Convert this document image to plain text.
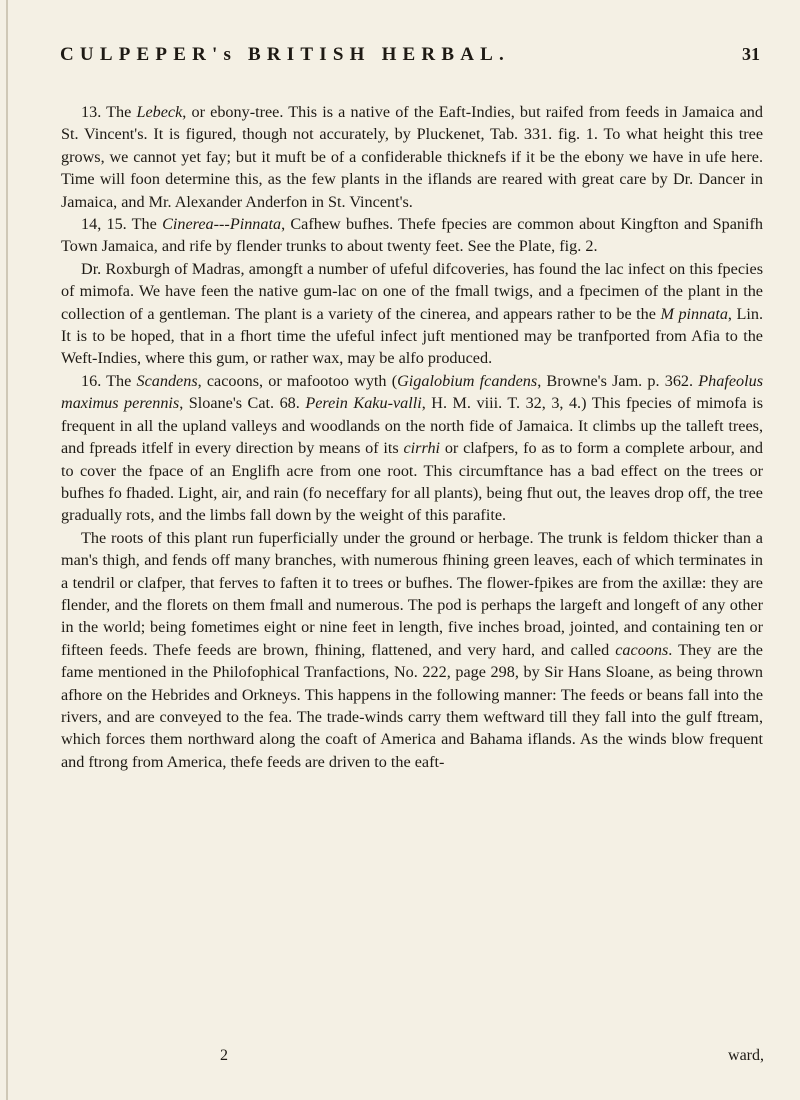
CULPEPER's BRITISH HERBAL.	31

13. The Lebeck, or ebony-tree. This is a native of the Eaft-Indies, but raifed from feeds in Jamaica and St. Vincent's. It is figured, though not accurately, by Pluckenet, Tab. 331. fig. 1. To what height this tree grows, we cannot yet fay; but it muft be of a confiderable thicknefs if it be the ebony we have in ufe here. Time will foon determine this, as the few plants in the iflands are reared with great care by Dr. Dancer in Jamaica, and Mr. Alexander Anderfon in St. Vincent's.

14, 15. The Cinerea---Pinnata, Cafhew bufhes. Thefe fpecies are common about Kingfton and Spanifh Town Jamaica, and rife by flender trunks to about twenty feet. See the Plate, fig. 2.

Dr. Roxburgh of Madras, amongft a number of ufeful difcoveries, has found the lac infect on this fpecies of mimofa. We have feen the native gum-lac on one of the fmall twigs, and a fpecimen of the plant in the collection of a gentleman. The plant is a variety of the cinerea, and appears rather to be the M pinnata, Lin. It is to be hoped, that in a fhort time the ufeful infect juft mentioned may be tranfported from Afia to the Weft-Indies, where this gum, or rather wax, may be alfo produced.

16. The Scandens, cacoons, or mafootoo wyth (Gigalobium fcandens, Browne's Jam. p. 362. Phafeolus maximus perennis, Sloane's Cat. 68. Perein Kaku-valli, H. M. viii. T. 32, 3, 4.) This fpecies of mimofa is frequent in all the upland valleys and woodlands on the north fide of Jamaica. It climbs up the talleft trees, and fpreads itfelf in every direction by means of its cirrhi or clafpers, fo as to form a complete arbour, and to cover the fpace of an Englifh acre from one root. This circumftance has a bad effect on the trees or bufhes fo fhaded. Light, air, and rain (fo neceffary for all plants), being fhut out, the leaves drop off, the tree gradually rots, and the limbs fall down by the weight of this parafite.

The roots of this plant run fuperficially under the ground or herbage. The trunk is feldom thicker than a man's thigh, and fends off many branches, with numerous fhining green leaves, each of which terminates in a tendril or clafper, that ferves to faften it to trees or bufhes. The flower-fpikes are from the axillæ: they are flender, and the florets on them fmall and numerous. The pod is perhaps the largeft and longeft of any other in the world; being fometimes eight or nine feet in length, five inches broad, jointed, and containing ten or fifteen feeds. Thefe feeds are brown, fhining, flattened, and very hard, and called cacoons. They are the fame mentioned in the Philofophical Tranfactions, No. 222, page 298, by Sir Hans Sloane, as being thrown afhore on the Hebrides and Orkneys. This happens in the following manner: The feeds or beans fall into the rivers, and are conveyed to the fea. The trade-winds carry them weftward till they fall into the gulf ftream, which forces them northward along the coaft of America and Bahama iflands. As the winds blow frequent and ftrong from America, thefe feeds are driven to the eaft-

2	ward,
